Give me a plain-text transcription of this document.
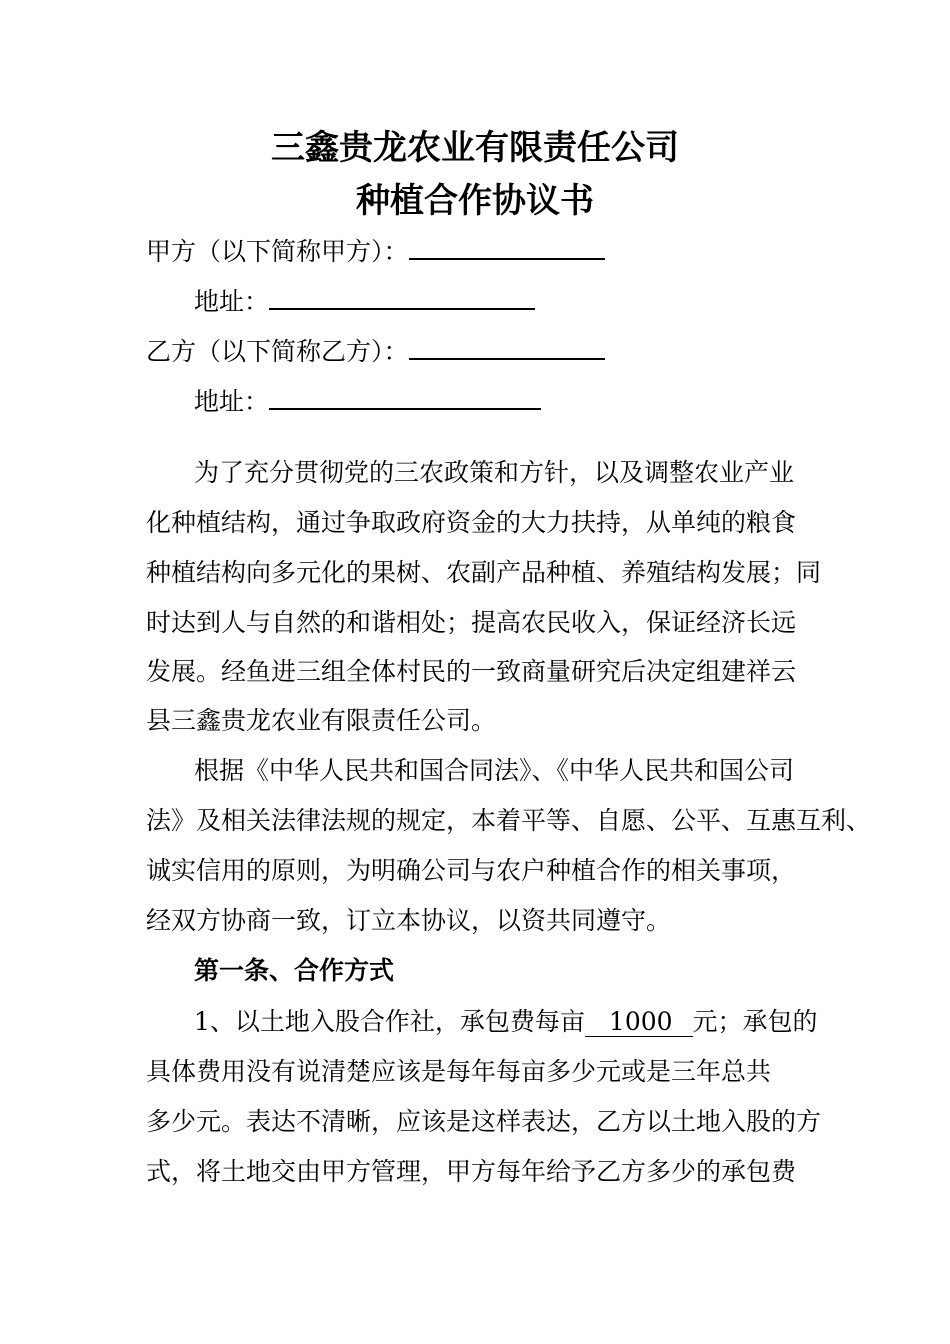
三鑫贵龙农业有限责任公司
种植合作协议书
甲方（以下简称甲方）：
地址：
乙方（以下简称乙方）：
地址：
为了充分贯彻党的三农政策和方针，以及调整农业产业
化种植结构，通过争取政府资金的大力扶持，从单纯的粮食
种植结构向多元化的果树、农副产品种植、养殖结构发展；同
时达到人与自然的和谐相处；提高农民收入，保证经济长远
发展。经鱼进三组全体村民的一致商量研究后决定组建祥云
县三鑫贵龙农业有限责任公司。
根据《中华人民共和国合同法》、《中华人民共和国公司
法》及相关法律法规的规定，本着平等、自愿、公平、互惠互利、
诚实信用的原则，为明确公司与农户种植合作的相关事项，
经双方协商一致，订立本协议，以资共同遵守。
第一条、合作方式
1、以土地入股合作社，承包费每亩 1000 元；承包的
具体费用没有说清楚应该是每年每亩多少元或是三年总共
多少元。表达不清晰，应该是这样表达，乙方以土地入股的方
式，将土地交由甲方管理，甲方每年给予乙方多少的承包费
